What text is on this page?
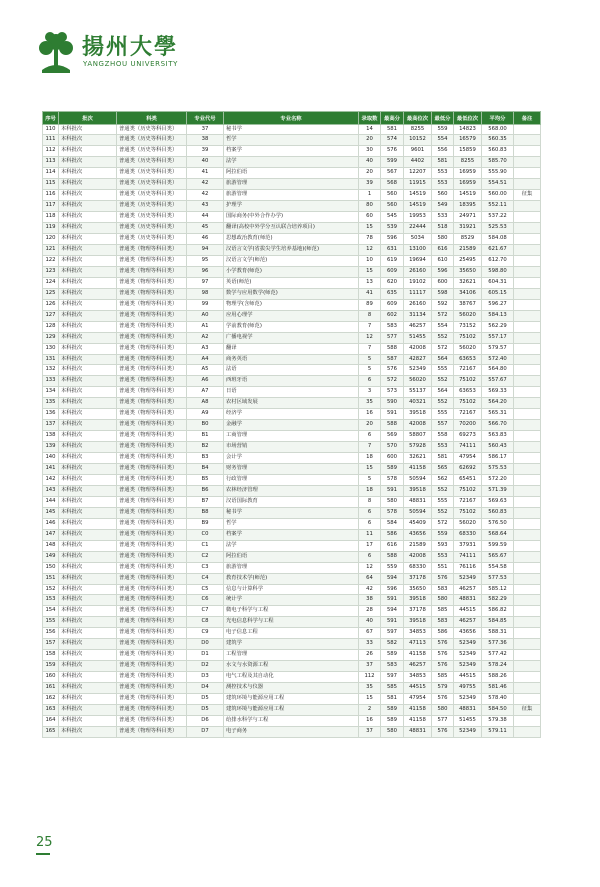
揚州大學
YANGZHOU UNIVERSITY
序号	批次	科类	专业代号	专业名称	录取数	最高分	最高位次	最低分	最低位次	平均分	备注
110	本科批次	普通类（历史等科目类）	37	秘书学	14	581	8255	559	14823	568.00	
111	本科批次	普通类（历史等科目类）	38	哲学	20	574	10152	554	16579	560.35	
112	本科批次	普通类（历史等科目类）	39	档案学	30	576	9601	556	15859	560.83	
113	本科批次	普通类（历史等科目类）	40	法学	40	599	4402	581	8255	585.70	
114	本科批次	普通类（历史等科目类）	41	阿拉伯语	20	567	12207	553	16959	555.90	
115	本科批次	普通类（历史等科目类）	42	旅游管理	39	568	11915	553	16959	554.51	
116	本科批次	普通类（历史等科目类）	42	旅游管理	1	560	14519	560	14519	560.00	征集
117	本科批次	普通类（历史等科目类）	43	护理学	80	560	14519	549	18395	552.11	
118	本科批次	普通类（历史等科目类）	44	国际商务(中外合作办学)	60	545	19953	533	24971	537.22	
119	本科批次	普通类（历史等科目类）	45	翻译(高校中外学分互认联合培养项目)	15	539	22444	518	31921	525.53	
120	本科批次	普通类（历史等科目类）	46	思想政治教育(师范)	78	596	5034	580	8529	584.08	
121	本科批次	普通类（物理等科目类）	94	汉语言文学(省拔尖学生培养基地)(师范)	12	631	13100	616	21589	621.67	
122	本科批次	普通类（物理等科目类）	95	汉语言文学(师范)	10	619	19694	610	25495	612.70	
123	本科批次	普通类（物理等科目类）	96	小学教育(师范)	15	609	26160	596	35650	598.80	
124	本科批次	普通类（物理等科目类）	97	英语(师范)	13	620	19102	600	32621	604.31	
125	本科批次	普通类（物理等科目类）	98	数学与应用数学(师范)	41	635	11117	598	34106	605.15	
126	本科批次	普通类（物理等科目类）	99	物理学(含师范)	89	609	26160	592	38767	596.27	
127	本科批次	普通类（物理等科目类）	A0	应用心理学	8	602	31134	572	56020	584.13	
128	本科批次	普通类（物理等科目类）	A1	学前教育(师范)	7	583	46257	554	73152	562.29	
129	本科批次	普通类（物理等科目类）	A2	广播电视学	12	577	51455	552	75102	557.17	
130	本科批次	普通类（物理等科目类）	A3	翻译	7	588	42008	572	56020	579.57	
131	本科批次	普通类（物理等科目类）	A4	商务英语	5	587	42827	564	63653	572.40	
132	本科批次	普通类（物理等科目类）	A5	法语	5	576	52349	555	72167	564.80	
133	本科批次	普通类（物理等科目类）	A6	西班牙语	6	572	56020	552	75102	557.67	
134	本科批次	普通类（物理等科目类）	A7	日语	3	573	55137	564	63653	569.33	
135	本科批次	普通类（物理等科目类）	A8	农村区域发展	35	590	40321	552	75102	564.20	
136	本科批次	普通类（物理等科目类）	A9	经济学	16	591	39518	555	72167	565.31	
137	本科批次	普通类（物理等科目类）	B0	金融学	20	588	42008	557	70200	566.70	
138	本科批次	普通类（物理等科目类）	B1	工商管理	6	569	58807	558	69273	563.83	
139	本科批次	普通类（物理等科目类）	B2	市场营销	7	570	57928	553	74111	560.43	
140	本科批次	普通类（物理等科目类）	B3	会计学	18	600	32621	581	47954	586.17	
141	本科批次	普通类（物理等科目类）	B4	财务管理	15	589	41158	565	62692	575.53	
142	本科批次	普通类（物理等科目类）	B5	行政管理	5	578	50594	562	65451	572.20	
143	本科批次	普通类（物理等科目类）	B6	农林经济管理	18	591	39518	552	75102	571.39	
144	本科批次	普通类（物理等科目类）	B7	汉语国际教育	8	580	48831	555	72167	569.63	
145	本科批次	普通类（物理等科目类）	B8	秘书学	6	578	50594	552	75102	560.83	
146	本科批次	普通类（物理等科目类）	B9	哲学	6	584	45409	572	56020	576.50	
147	本科批次	普通类（物理等科目类）	C0	档案学	11	586	43656	559	68330	568.64	
148	本科批次	普通类（物理等科目类）	C1	法学	17	616	21589	593	37931	599.59	
149	本科批次	普通类（物理等科目类）	C2	阿拉伯语	6	588	42008	553	74111	565.67	
150	本科批次	普通类（物理等科目类）	C3	旅游管理	12	559	68330	551	76116	554.58	
151	本科批次	普通类（物理等科目类）	C4	教育技术学(师范)	64	594	37178	576	52349	577.53	
152	本科批次	普通类（物理等科目类）	C5	信息与计算科学	42	596	35650	583	46257	585.12	
153	本科批次	普通类（物理等科目类）	C6	统计学	38	591	39518	580	48831	582.29	
154	本科批次	普通类（物理等科目类）	C7	微电子科学与工程	28	594	37178	585	44515	586.82	
155	本科批次	普通类（物理等科目类）	C8	光电信息科学与工程	40	591	39518	583	46257	584.85	
156	本科批次	普通类（物理等科目类）	C9	电子信息工程	67	597	34853	586	43656	588.31	
157	本科批次	普通类（物理等科目类）	D0	建筑学	33	582	47113	576	52349	577.36	
158	本科批次	普通类（物理等科目类）	D1	工程管理	26	589	41158	576	52349	577.42	
159	本科批次	普通类（物理等科目类）	D2	水文与水资源工程	37	583	46257	576	52349	578.24	
160	本科批次	普通类（物理等科目类）	D3	电气工程及其自动化	112	597	34853	585	44515	588.26	
161	本科批次	普通类（物理等科目类）	D4	测控技术与仪器	35	585	44515	579	49755	581.46	
162	本科批次	普通类（物理等科目类）	D5	建筑环境与能源应用工程	15	581	47954	576	52349	578.40	
163	本科批次	普通类（物理等科目类）	D5	建筑环境与能源应用工程	2	589	41158	580	48831	584.50	征集
164	本科批次	普通类（物理等科目类）	D6	给排水科学与工程	16	589	41158	577	51455	579.38	
165	本科批次	普通类（物理等科目类）	D7	电子商务	37	580	48831	576	52349	579.11	
25
